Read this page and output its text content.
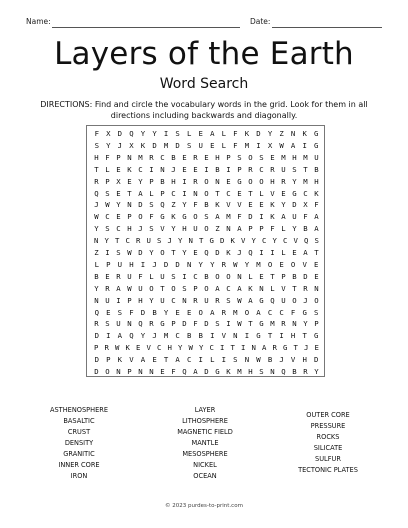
Name:	Date:
Layers of the Earth
Word Search
DIRECTIONS: Find and circle the vocabulary words in the grid. Look for them in all directions including backwards and diagonally.
F X D Q Y Y I S L E A L F K D Y Z N K G
S Y J X K D M D S U E L F M I X W A I G
H F P N M R C B E R E H P S O S E M H M U
T L E K C I N J E E I B I P R C R U S T B
R P X E Y P B H I R O N E G O O H R Y M H
Q S E T A L P C I N O T C E T L V E G C K
J W Y N D S Q Z Y F B K V V E E K Y D X F
W C E P O F G K G O S A M F D I K A U F A
Y S C H J S V Y H U O Z N A P P F L Y B A
N Y T C R U S J Y N T G D K V Y C Y C V Q S
Z I S W D Y O T Y E Q D K J Q I I L E A T
L P U H I J D D N Y Y R W Y M O E O V E
B E R U F L U S I C B O O N L E T P B D E
Y R A W U O T O S P O A C A K N L V T R N
N U I P H Y U C N R U R S W A G Q U O J O
Q E S F D B Y E E O A R M O A C C F G S
R S U N Q R G P D F D S I W T G M R N Y P
D I A Q Y J M C B B I V N I G T I H T G
P R W K E V C H Y W Y C I T I N A R G T J E
D P K V A E T A C I L I S N W B J V H D
D O N P N N E F Q A D G K M H S N Q B R Y
ASTHENOSPHERE
BASALTIC
CRUST
DENSITY
GRANITIC
INNER CORE
IRON
LAYER
LITHOSPHERE
MAGNETIC FIELD
MANTLE
MESOSPHERE
NICKEL
OCEAN
OUTER CORE
PRESSURE
ROCKS
SILICATE
SULFUR
TECTONIC PLATES
© 2023 purdes-to-print.com
